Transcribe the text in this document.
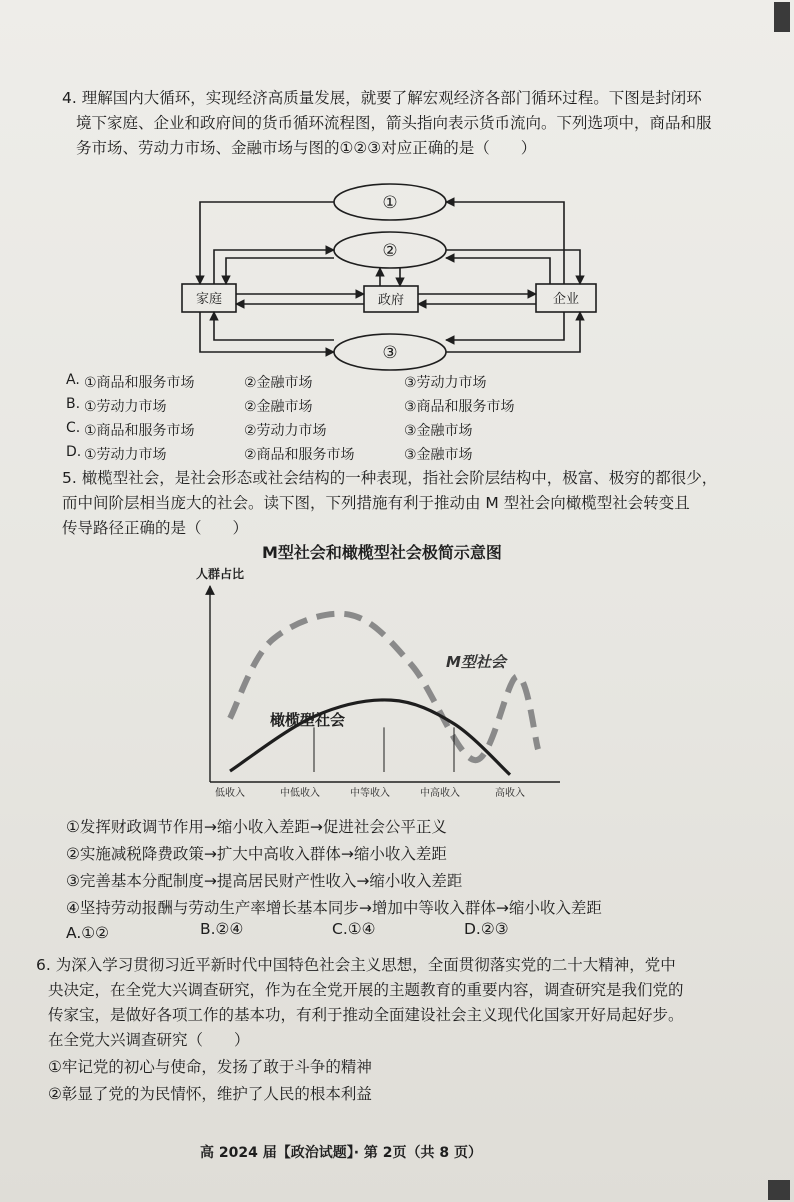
4. 理解国内大循环，实现经济高质量发展，就要了解宏观经济各部门循环过程。下图是封闭环
境下家庭、企业和政府间的货币循环流程图，箭头指向表示货币流向。下列选项中，商品和服
务市场、劳动力市场、金融市场与图的①②③对应正确的是（　　）
①
②
③
家庭	政府	企业
A. ①商品和服务市场	②金融市场	③劳动力市场
B. ①劳动力市场	②金融市场	③商品和服务市场
C. ①商品和服务市场	②劳动力市场	③金融市场
D. ①劳动力市场	②商品和服务市场	③金融市场
5. 橄榄型社会，是社会形态或社会结构的一种表现，指社会阶层结构中，极富、极穷的都很少，
而中间阶层相当庞大的社会。读下图，下列措施有利于推动由 M 型社会向橄榄型社会转变且
传导路径正确的是（　　）
M型社会和橄榄型社会极简示意图
人群占比
低收入	中低收入	中等收入	中高收入	高收入
M型社会
橄榄型社会
①发挥财政调节作用→缩小收入差距→促进社会公平正义
②实施减税降费政策→扩大中高收入群体→缩小收入差距
③完善基本分配制度→提高居民财产性收入→缩小收入差距
④坚持劳动报酬与劳动生产率增长基本同步→增加中等收入群体→缩小收入差距
A.①②	B.②④	C.①④	D.②③
6. 为深入学习贯彻习近平新时代中国特色社会主义思想，全面贯彻落实党的二十大精神，党中
央决定，在全党大兴调查研究，作为在全党开展的主题教育的重要内容，调查研究是我们党的
传家宝，是做好各项工作的基本功，有利于推动全面建设社会主义现代化国家开好局起好步。
在全党大兴调查研究（　　）
①牢记党的初心与使命，发扬了敢于斗争的精神
②彰显了党的为民情怀，维护了人民的根本利益
高 2024 届【政治试题】· 第 2页（共 8 页）
